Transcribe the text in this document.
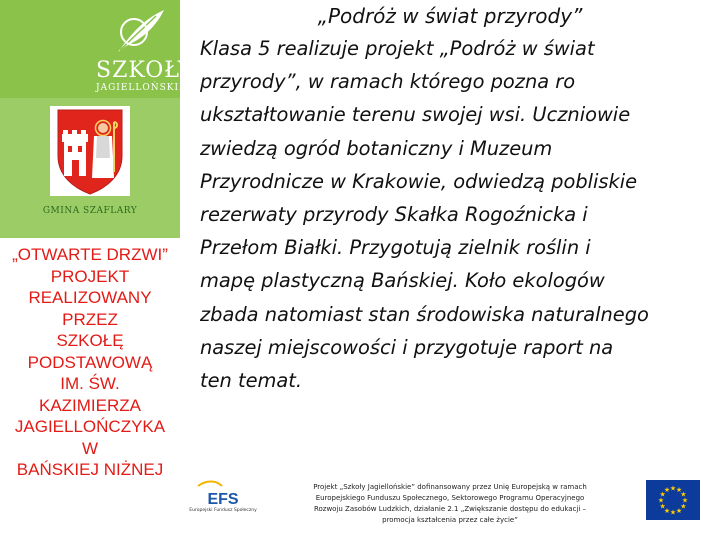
SZKOŁY
JAGIELLOŃSKIE
GMINA SZAFLARY
„OTWARTE DRZWI”
PROJEKT
REALIZOWANY
PRZEZ
SZKOŁĘ
PODSTAWOWĄ
IM. ŚW.
KAZIMIERZA
JAGIELLOŃCZYKA
W
BAŃSKIEJ NIŻNEJ
„Podróż w świat przyrody”
Klasa 5 realizuje projekt „Podróż w świat
przyrody”, w ramach którego pozna ro
ukształtowanie terenu swojej wsi. Uczniowie
zwiedzą ogród botaniczny i Muzeum
Przyrodnicze w Krakowie, odwiedzą pobliskie
rezerwaty przyrody Skałka Rogoźnicka i
Przełom Białki. Przygotują zielnik roślin i
mapę plastyczną Bańskiej. Koło ekologów
zbada natomiast stan środowiska naturalnego
naszej miejscowości i przygotuje raport na
ten temat.
EFS
Europejski Fundusz Społeczny
Projekt „Szkoły Jagiellońskie” dofinansowany przez Unię Europejską w ramach
Europejskiego Funduszu Społecznego, Sektorowego Programu Operacyjnego
Rozwoju Zasobów Ludzkich, działanie 2.1 „Zwiększanie dostępu do edukacji –
promocja kształcenia przez całe życie”
★
★
★
★
★
★
★
★
★ ★ ★
★
